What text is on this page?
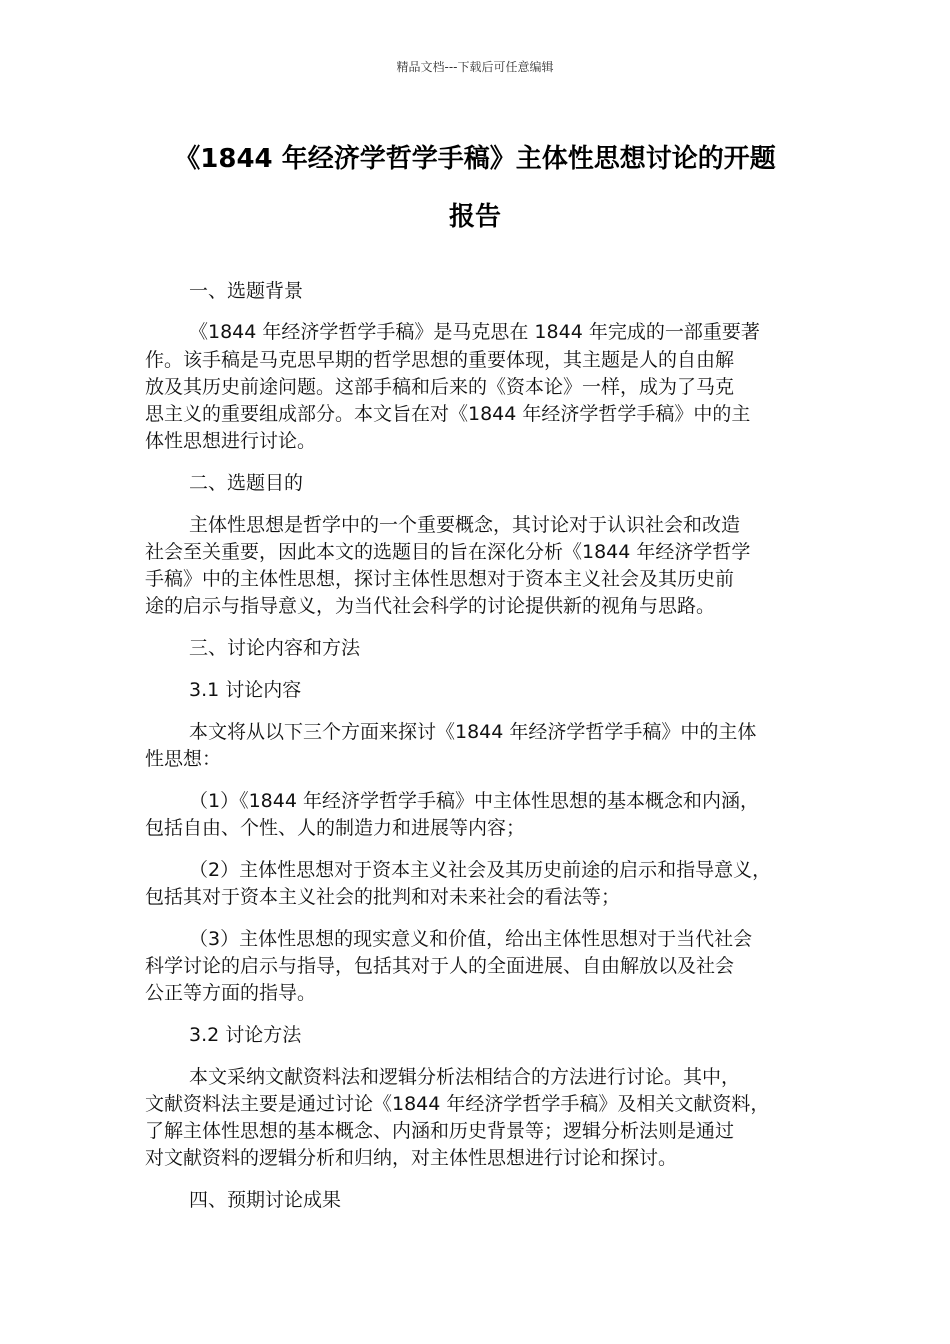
精品文档---下载后可任意编辑
《1844 年经济学哲学手稿》主体性思想讨论的开题
报告
一、选题背景
《1844 年经济学哲学手稿》是马克思在 1844 年完成的一部重要著
作。该手稿是马克思早期的哲学思想的重要体现，其主题是人的自由解
放及其历史前途问题。这部手稿和后来的《资本论》一样，成为了马克
思主义的重要组成部分。本文旨在对《1844 年经济学哲学手稿》中的主
体性思想进行讨论。
二、选题目的
主体性思想是哲学中的一个重要概念，其讨论对于认识社会和改造
社会至关重要，因此本文的选题目的旨在深化分析《1844 年经济学哲学
手稿》中的主体性思想，探讨主体性思想对于资本主义社会及其历史前
途的启示与指导意义，为当代社会科学的讨论提供新的视角与思路。
三、讨论内容和方法
3.1 讨论内容
本文将从以下三个方面来探讨《1844 年经济学哲学手稿》中的主体
性思想：
（1）《1844 年经济学哲学手稿》中主体性思想的基本概念和内涵，
包括自由、个性、人的制造力和进展等内容；
（2）主体性思想对于资本主义社会及其历史前途的启示和指导意义，
包括其对于资本主义社会的批判和对未来社会的看法等；
（3）主体性思想的现实意义和价值，给出主体性思想对于当代社会
科学讨论的启示与指导，包括其对于人的全面进展、自由解放以及社会
公正等方面的指导。
3.2 讨论方法
本文采纳文献资料法和逻辑分析法相结合的方法进行讨论。其中，
文献资料法主要是通过讨论《1844 年经济学哲学手稿》及相关文献资料，
了解主体性思想的基本概念、内涵和历史背景等；逻辑分析法则是通过
对文献资料的逻辑分析和归纳，对主体性思想进行讨论和探讨。
四、预期讨论成果
